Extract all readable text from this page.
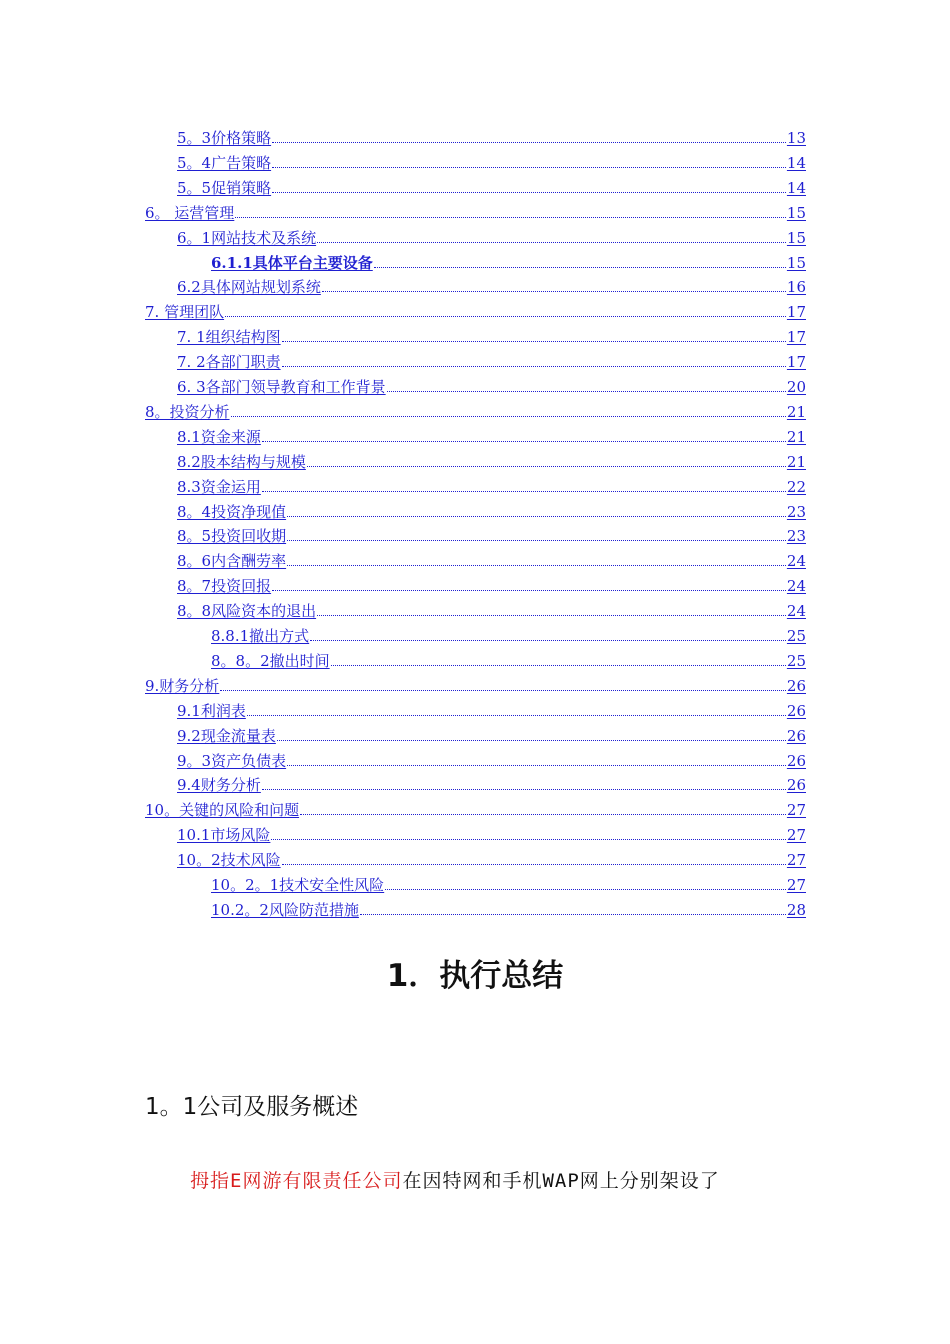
5。3价格策略	13
5。4广告策略	14
5。5促销策略	14
6。 运营管理	15
6。1网站技术及系统	15
6.1.1具体平台主要设备	15
6.2具体网站规划系统	16
7. 管理团队	17
7. 1组织结构图	17
7. 2各部门职责	17
6. 3各部门领导教育和工作背景	20
8。投资分析	21
8.1资金来源	21
8.2股本结构与规模	21
8.3资金运用	22
8。4投资净现值	23
8。5投资回收期	23
8。6内含酬劳率	24
8。7投资回报	24
8。8风险资本的退出	24
8.8.1撤出方式	25
8。8。2撤出时间	25
9.财务分析	26
9.1利润表	26
9.2现金流量表	26
9。3资产负债表	26
9.4财务分析	26
10。关键的风险和问题	27
10.1市场风险	27
10。2技术风险	27
10。2。1技术安全性风险	27
10.2。2风险防范措施	28
1．执行总结
1。1公司及服务概述
拇指E网游有限责任公司在因特网和手机WAP网上分别架设了
